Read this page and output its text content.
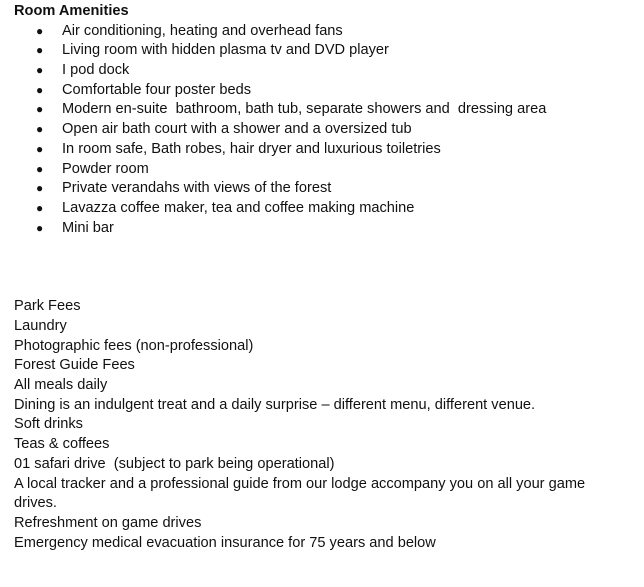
Room Amenities
● Air conditioning, heating and overhead fans
● Living room with hidden plasma tv and DVD player
● I pod dock
● Comfortable four poster beds
● Modern en-suite  bathroom, bath tub, separate showers and  dressing area
● Open air bath court with a shower and a oversized tub
● In room safe, Bath robes, hair dryer and luxurious toiletries
● Powder room
● Private verandahs with views of the forest
● Lavazza coffee maker, tea and coffee making machine
● Mini bar
Park Fees
Laundry
Photographic fees (non-professional)
Forest Guide Fees
All meals daily
Dining is an indulgent treat and a daily surprise – different menu, different venue.
Soft drinks
Teas & coffees
01 safari drive  (subject to park being operational)
A local tracker and a professional guide from our lodge accompany you on all your game drives.
Refreshment on game drives
Emergency medical evacuation insurance for 75 years and below
